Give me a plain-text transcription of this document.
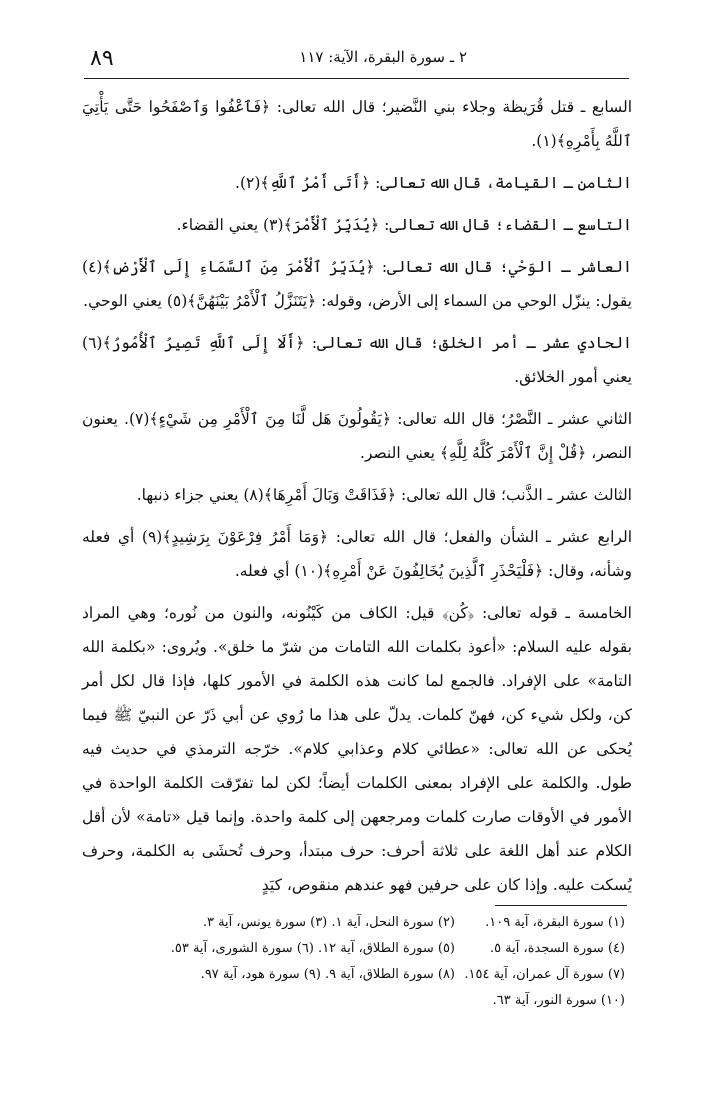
٨٩	٢ ـ سورة البقرة، الآية: ١١٧

السابع ـ قتل قُرَيظة وجلاء بني النَّضير؛ قال الله تعالى: ﴿فَٱعْفُوا وَٱصْفَحُوا حَتَّى يَأْتِيَ ٱللَّهُ بِأَمْرِهِ﴾(١).

الثامن ـ القيامة، قال الله تعالى: ﴿أَتَى أَمْرُ ٱللَّهِ﴾(٢).

التاسع ـ القضاء؛ قال الله تعالى: ﴿يُدَبِّرُ ٱلْأَمْرَ﴾(٣) يعني القضاء.

العاشر ـ الوَحْي؛ قال الله تعالى: ﴿يُدَبِّرُ ٱلْأَمْرَ مِنَ ٱلسَّمَاءِ إِلَى ٱلْأَرْضِ﴾(٤) يقول: ينزّل الوحي من السماء إلى الأرض، وقوله: ﴿يَتَنَزَّلُ ٱلْأَمْرُ بَيْنَهُنَّ﴾(٥) يعني الوحي.

الحادي عشر ـ أمر الخلق؛ قال الله تعالى: ﴿أَلَا إِلَى ٱللَّهِ تَصِيرُ ٱلْأُمُورُ﴾(٦) يعني أمور الخلائق.

الثاني عشر ـ النَّصْرُ؛ قال الله تعالى: ﴿يَقُولُونَ هَل لَّنَا مِنَ ٱلْأَمْرِ مِن شَيْءٍ﴾(٧). يعنون النصر، ﴿قُلْ إِنَّ ٱلْأَمْرَ كُلَّهُ لِلَّهِ﴾ يعني النصر.

الثالث عشر ـ الذَّنب؛ قال الله تعالى: ﴿فَذَاقَتْ وَبَالَ أَمْرِهَا﴾(٨) يعني جزاء ذنبها.

الرابع عشر ـ الشأن والفعل؛ قال الله تعالى: ﴿وَمَا أَمْرُ فِرْعَوْنَ بِرَشِيدٍ﴾(٩) أي فعله وشأنه، وقال: ﴿فَلْيَحْذَرِ ٱلَّذِينَ يُخَالِفُونَ عَنْ أَمْرِهِ﴾(١٠) أي فعله.

الخامسة ـ قوله تعالى: ﴿كُن﴾ قيل: الكاف من كَيْنُونه، والنون من نُوره؛ وهي المراد بقوله عليه السلام: «أعوذ بكلمات الله التامات من شرّ ما خلق». ويُروى: «بكلمة الله التامة» على الإفراد. فالجمع لما كانت هذه الكلمة في الأمور كلها، فإذا قال لكل أمر كن، ولكل شيء كن، فهنّ كلمات. يدلّ على هذا ما رُوي عن أبي ذَرّ عن النبيّ ﷺ فيما يُحكى عن الله تعالى: «عطائي كلام وعذابي كلام». خرّجه الترمذي في حديث فيه طول. والكلمة على الإفراد بمعنى الكلمات أيضاً؛ لكن لما تفرّقت الكلمة الواحدة في الأمور في الأوقات صارت كلمات ومرجعهن إلى كلمة واحدة. وإنما قيل «تامة» لأن أقل الكلام عند أهل اللغة على ثلاثة أحرف: حرف مبتدأ، وحرف تُحشَى به الكلمة، وحرف يُسكت عليه. وإذا كان على حرفين فهو عندهم منقوص، كيَدٍ

(١) سورة البقرة، آية ١٠٩.
(٢) سورة النحل، آية ١. (٣) سورة يونس، آية ٣.
(٤) سورة السجدة، آية ٥.
(٥) سورة الطلاق، آية ١٢. (٦) سورة الشورى، آية ٥٣.
(٧) سورة آل عمران، آية ١٥٤.
(٨) سورة الطلاق، آية ٩. (٩) سورة هود، آية ٩٧.
(١٠) سورة النور، آية ٦٣.
